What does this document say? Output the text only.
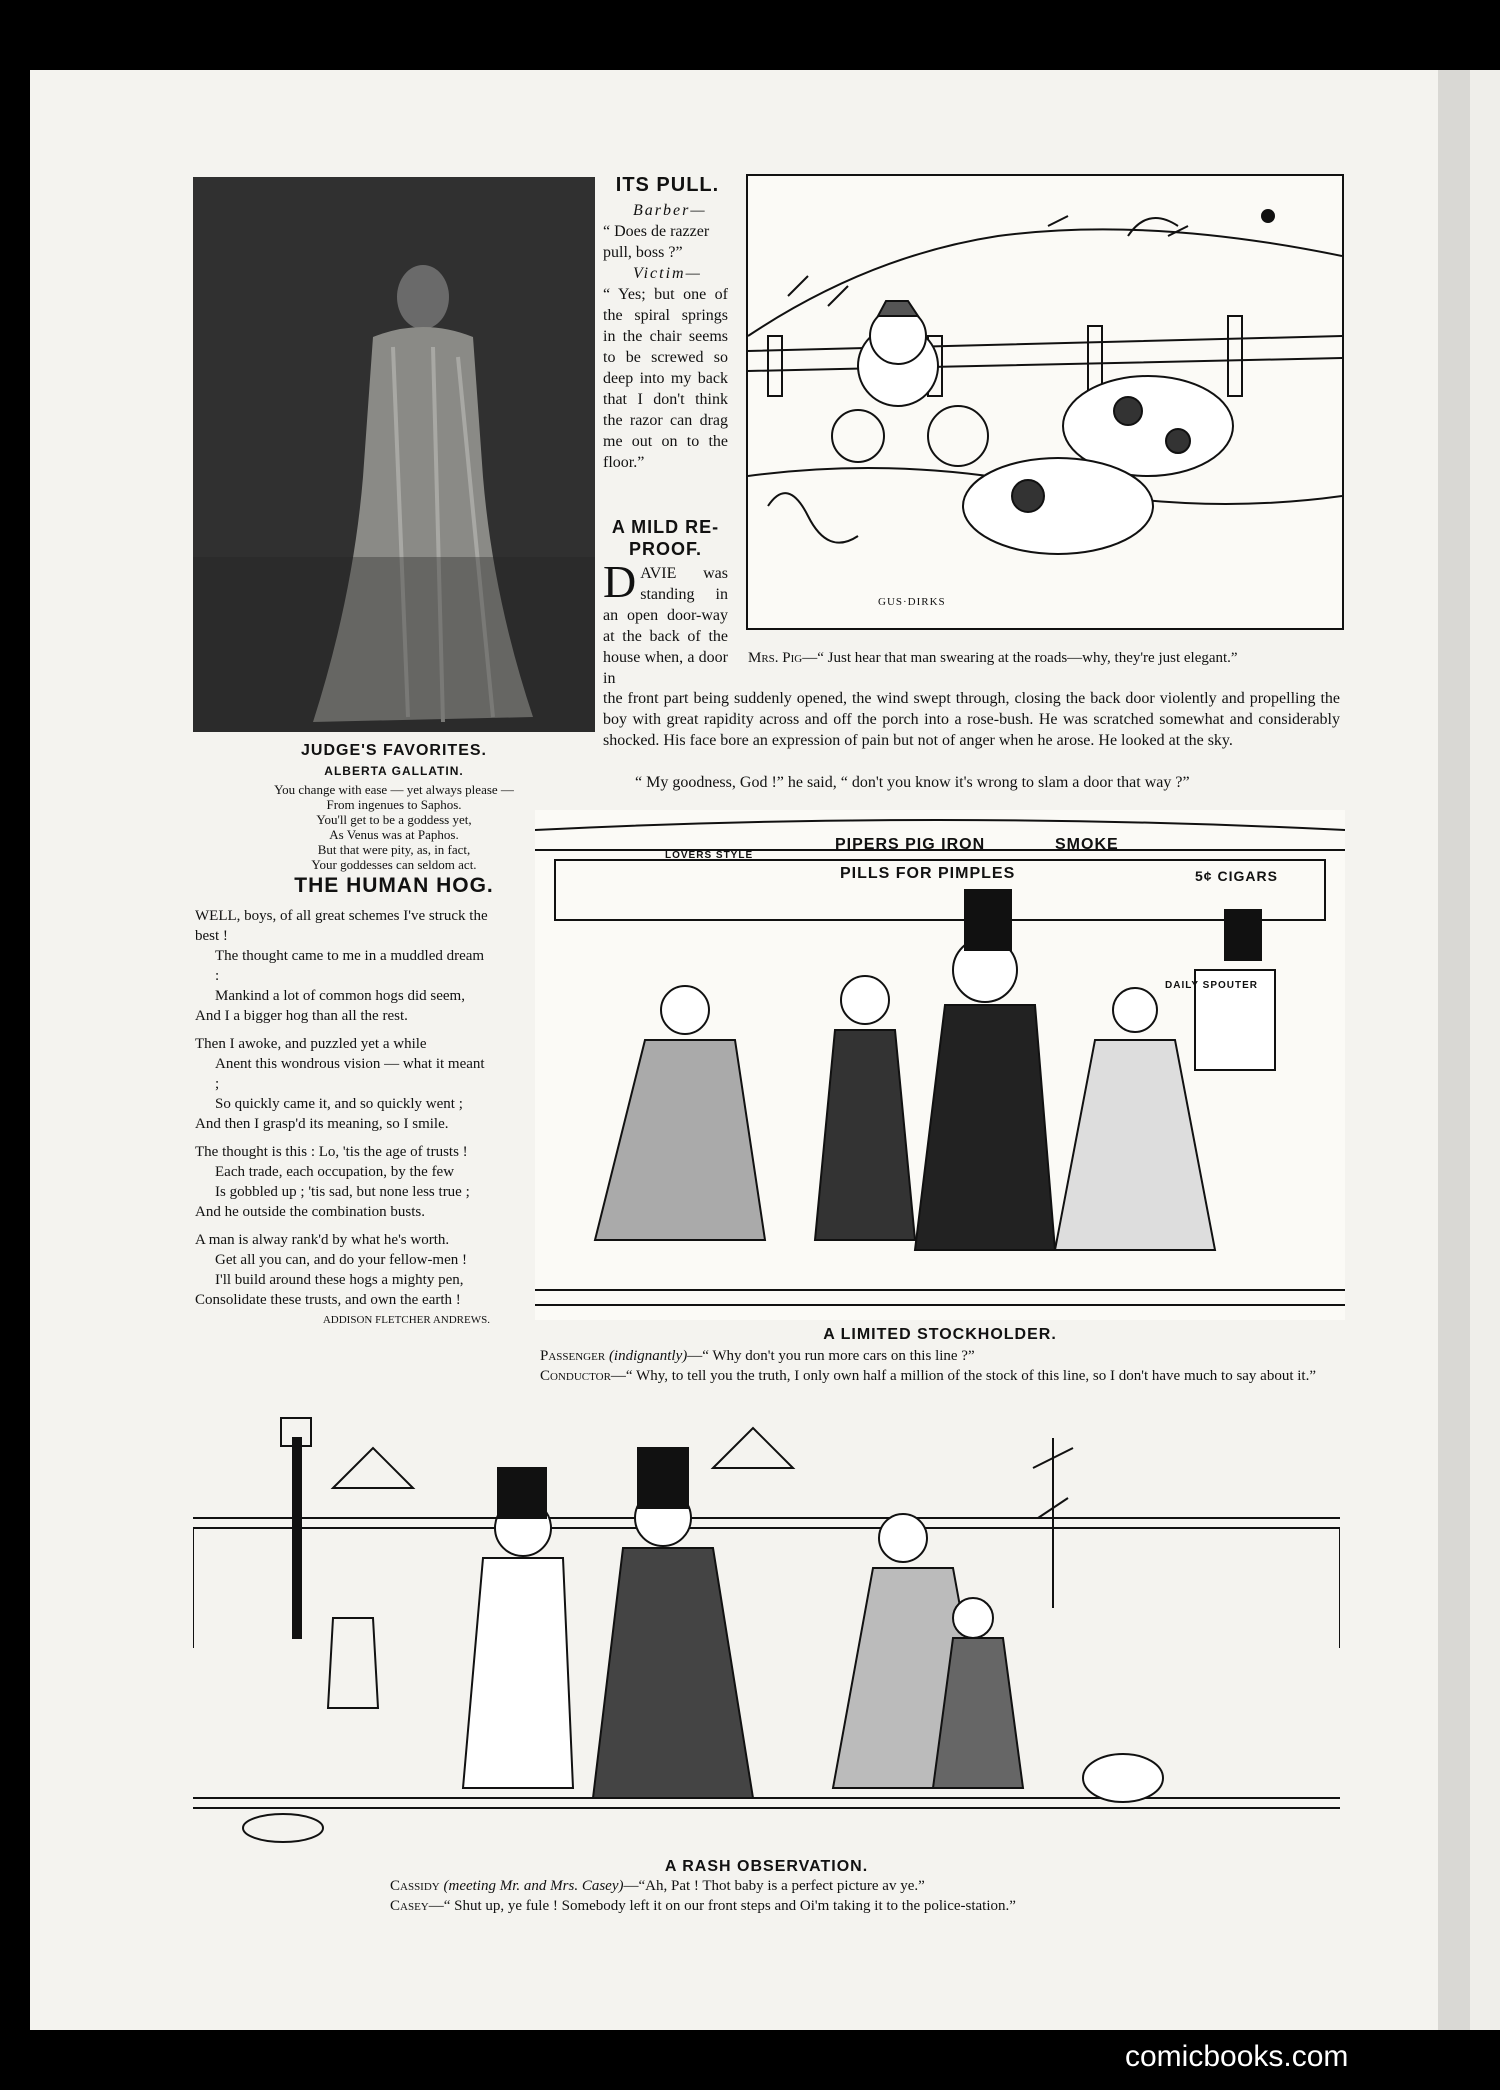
JUDGE'S FAVORITES.
ALBERTA GALLATIN.
You change with ease — yet always please —
From ingenues to Saphos.
You'll get to be a goddess yet,
As Venus was at Paphos.
But that were pity, as, in fact,
Your goddesses can seldom act.
THE HUMAN HOG.

WELL, boys, of all great schemes I've struck the best !

The thought came to me in a muddled dream :

Mankind a lot of common hogs did seem,

And I a bigger hog than all the rest.

Then I awoke, and puzzled yet a while

Anent this wondrous vision — what it meant ;

So quickly came it, and so quickly went ;

And then I grasp'd its meaning, so I smile.

The thought is this : Lo, 'tis the age of trusts !

Each trade, each occupation, by the few

Is gobbled up ; 'tis sad, but none less true ;

And he outside the combination busts.

A man is alway rank'd by what he's worth.

Get all you can, and do your fellow-men !

I'll build around these hogs a mighty pen,

Consolidate these trusts, and own the earth !

ADDISON FLETCHER ANDREWS.

ITS PULL.
Barber—
“ Does de razzer pull, boss ?”
Victim—
“ Yes; but one of the spiral springs in the chair seems to be screwed so deep into my back that I don't think the razor can drag me out on to the floor.”
A MILD RE-PROOF.
DAVIE was standing in an open door-way at the back of the house when, a door in
GUS·DIRKS
Mrs. Pig—“ Just hear that man swearing at the roads—why, they're just elegant.”
the front part being suddenly opened, the wind swept through, closing the back door violently and propelling the boy with great rapidity across and off the porch into a rose-bush. He was scratched somewhat and considerably shocked. His face bore an expression of pain but not of anger when he arose. He looked at the sky.
“ My goodness, God !” he said, “ don't you know it's wrong to slam a door that way ?”
PIPERS PIG IRON	SMOKE
PILLS FOR PIMPLES
LOVERS STYLE
5¢ CIGARS
DAILY SPOUTER
A LIMITED STOCKHOLDER.
Passenger (indignantly)—“ Why don't you run more cars on this line ?”
Conductor—“ Why, to tell you the truth, I only own half a million of the stock of this line, so I don't have much to say about it.”
A RASH OBSERVATION.
Cassidy (meeting Mr. and Mrs. Casey)—“Ah, Pat ! Thot baby is a perfect picture av ye.”
Casey—“ Shut up, ye fule ! Somebody left it on our front steps and Oi'm taking it to the police-station.”
comicbooks.com
